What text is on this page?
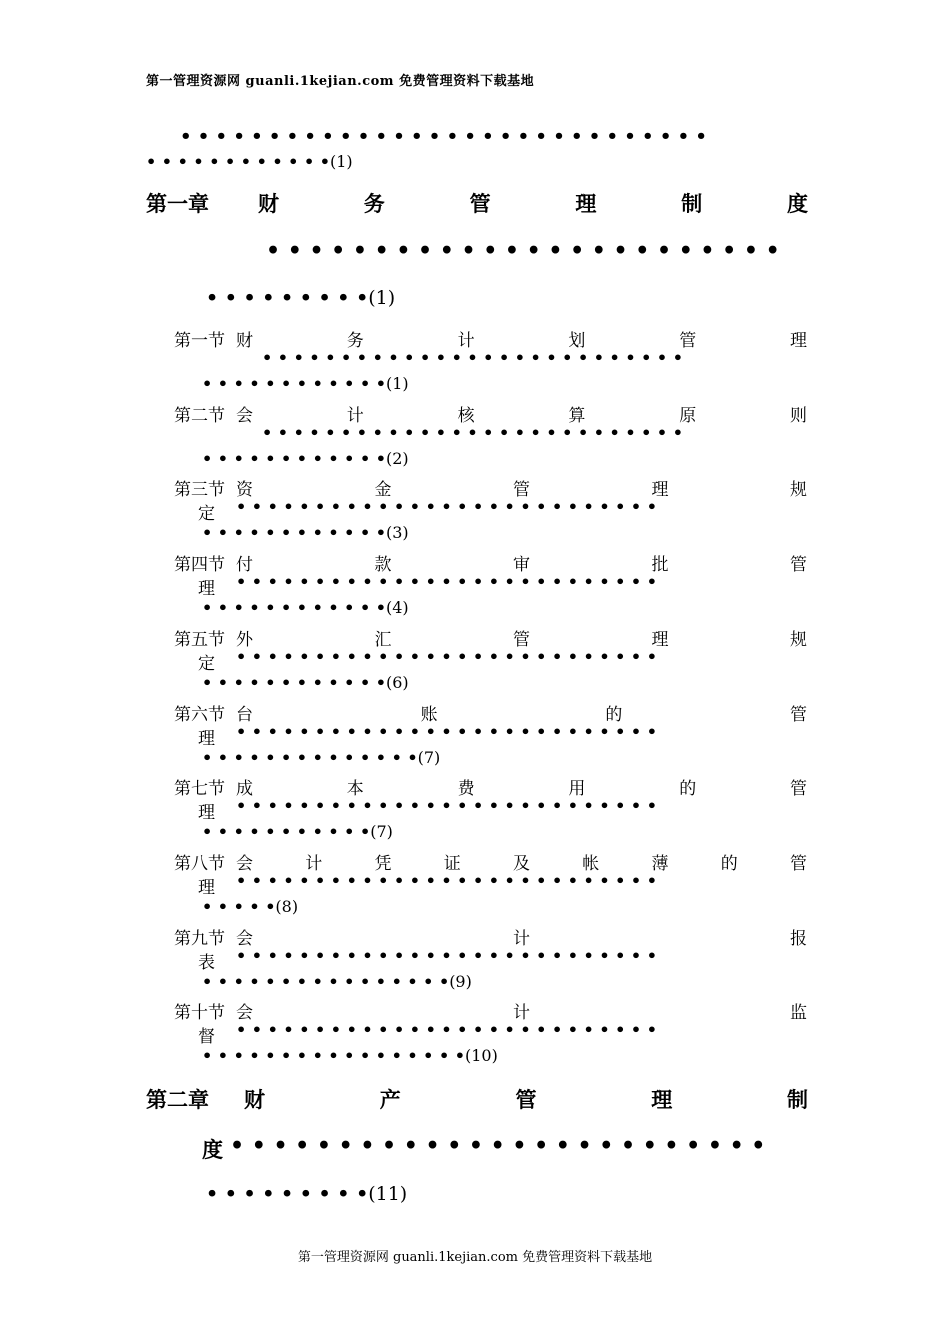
第一管理资源网 guanli.1kejian.com 免费管理资料下载基地
• • • • • • • • • • • • • • • • • • • • • • • • • • • • • •
• • • • • • • • • • • •(1)
第一章 财	务	管	理	制	度
• • • • • • • • • • • • • • • • • • • • • • • •
• • • • • • • • •(1)
第一节 财	务	计	划	管	理
• • • • • • • • • • • • • • • • • • • • • • • • • • •
• • • • • • • • • • • •(1)
第二节 会	计	核	算	原	则
• • • • • • • • • • • • • • • • • • • • • • • • • • •
• • • • • • • • • • • •(2)
第三节 资	金	管	理	规
定 • • • • • • • • • • • • • • • • • • • • • • • • • • •
• • • • • • • • • • • •(3)
第四节 付	款	审	批	管
理 • • • • • • • • • • • • • • • • • • • • • • • • • • •
• • • • • • • • • • • •(4)
第五节 外	汇	管	理	规
定 • • • • • • • • • • • • • • • • • • • • • • • • • • •
• • • • • • • • • • • •(6)
第六节 台	账	的	管
理 • • • • • • • • • • • • • • • • • • • • • • • • • • •
• • • • • • • • • • • • • •(7)
第七节 成	本	费	用	的	管
理 • • • • • • • • • • • • • • • • • • • • • • • • • • •
• • • • • • • • • • •(7)
第八节 会	计	凭	证	及	帐	薄	的	管
理 • • • • • • • • • • • • • • • • • • • • • • • • • • •
• • • • •(8)
第九节 会	计	报
表 • • • • • • • • • • • • • • • • • • • • • • • • • • •
• • • • • • • • • • • • • • • •(9)
第十节 会	计	监
督 • • • • • • • • • • • • • • • • • • • • • • • • • • •
• • • • • • • • • • • • • • • • •(10)
第二章 财	产	管	理	制
度 • • • • • • • • • • • • • • • • • • • • • • • • •
• • • • • • • • •(11)
第一管理资源网 guanli.1kejian.com 免费管理资料下载基地
